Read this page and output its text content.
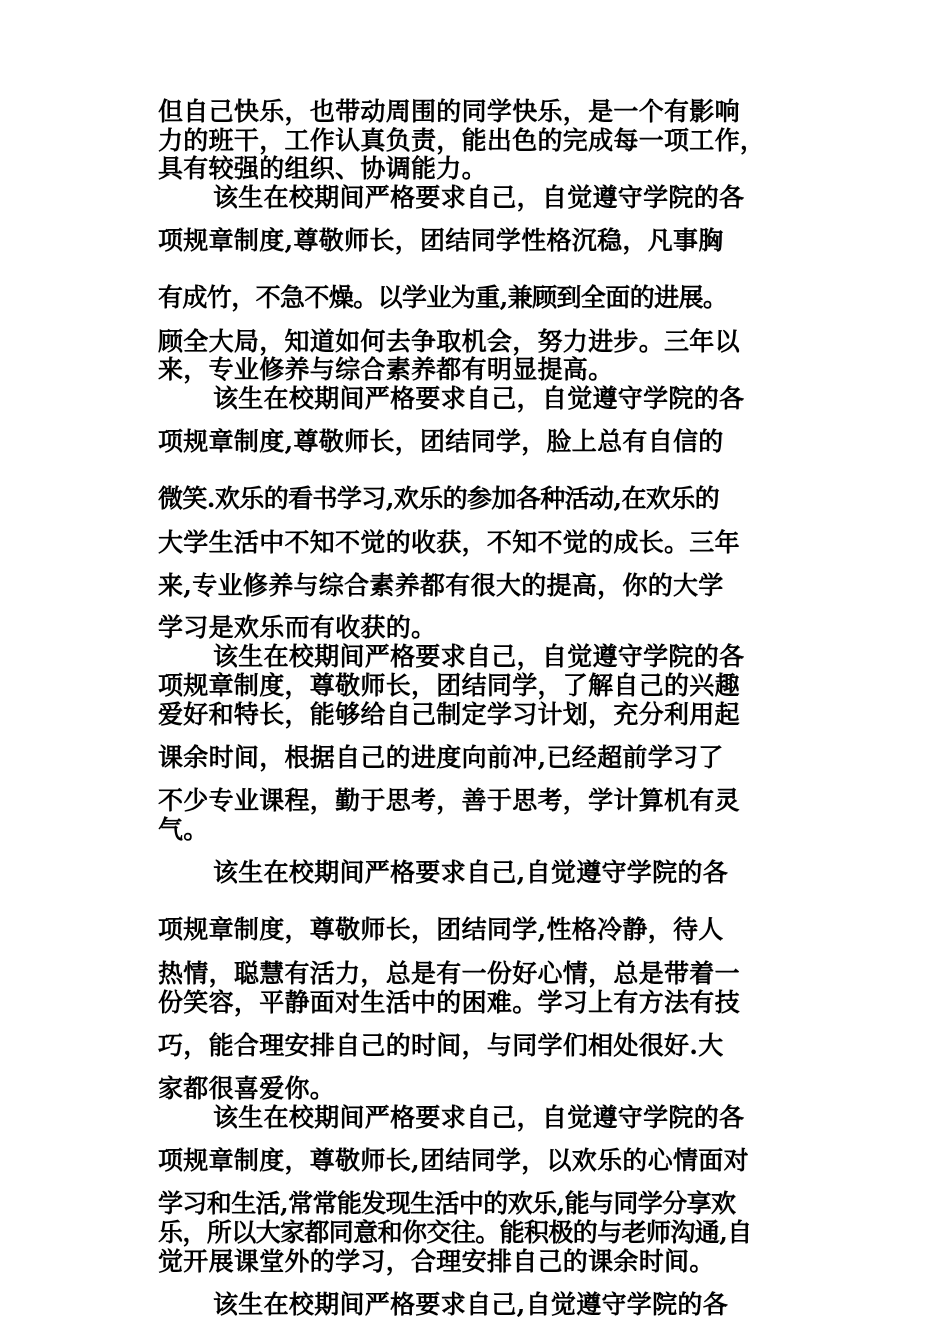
但自己快乐，也带动周围的同学快乐，是一个有影响
力的班干，工作认真负责，能出色的完成每一项工作，
具有较强的组织、协调能力。
该生在校期间严格要求自己，自觉遵守学院的各
项规章制度,尊敬师长，团结同学性格沉稳，凡事胸
有成竹，不急不燥。以学业为重,兼顾到全面的进展。
顾全大局，知道如何去争取机会，努力进步。三年以
来，专业修养与综合素养都有明显提高。
该生在校期间严格要求自己，自觉遵守学院的各
项规章制度,尊敬师长，团结同学，脸上总有自信的
微笑.欢乐的看书学习,欢乐的参加各种活动,在欢乐的
大学生活中不知不觉的收获，不知不觉的成长。三年
来,专业修养与综合素养都有很大的提高，你的大学
学习是欢乐而有收获的。
该生在校期间严格要求自己，自觉遵守学院的各
项规章制度，尊敬师长，团结同学，了解自己的兴趣
爱好和特长，能够给自己制定学习计划，充分利用起
课余时间，根据自己的进度向前冲,已经超前学习了
不少专业课程，勤于思考，善于思考，学计算机有灵
气。
该生在校期间严格要求自己,自觉遵守学院的各
项规章制度，尊敬师长，团结同学,性格冷静，待人
热情，聪慧有活力，总是有一份好心情，总是带着一
份笑容，平静面对生活中的困难。学习上有方法有技
巧，能合理安排自己的时间，与同学们相处很好.大
家都很喜爱你。
该生在校期间严格要求自己，自觉遵守学院的各
项规章制度，尊敬师长,团结同学，以欢乐的心情面对
学习和生活,常常能发现生活中的欢乐,能与同学分享欢
乐，所以大家都同意和你交往。能积极的与老师沟通,自
觉开展课堂外的学习，合理安排自己的课余时间。
该生在校期间严格要求自己,自觉遵守学院的各
